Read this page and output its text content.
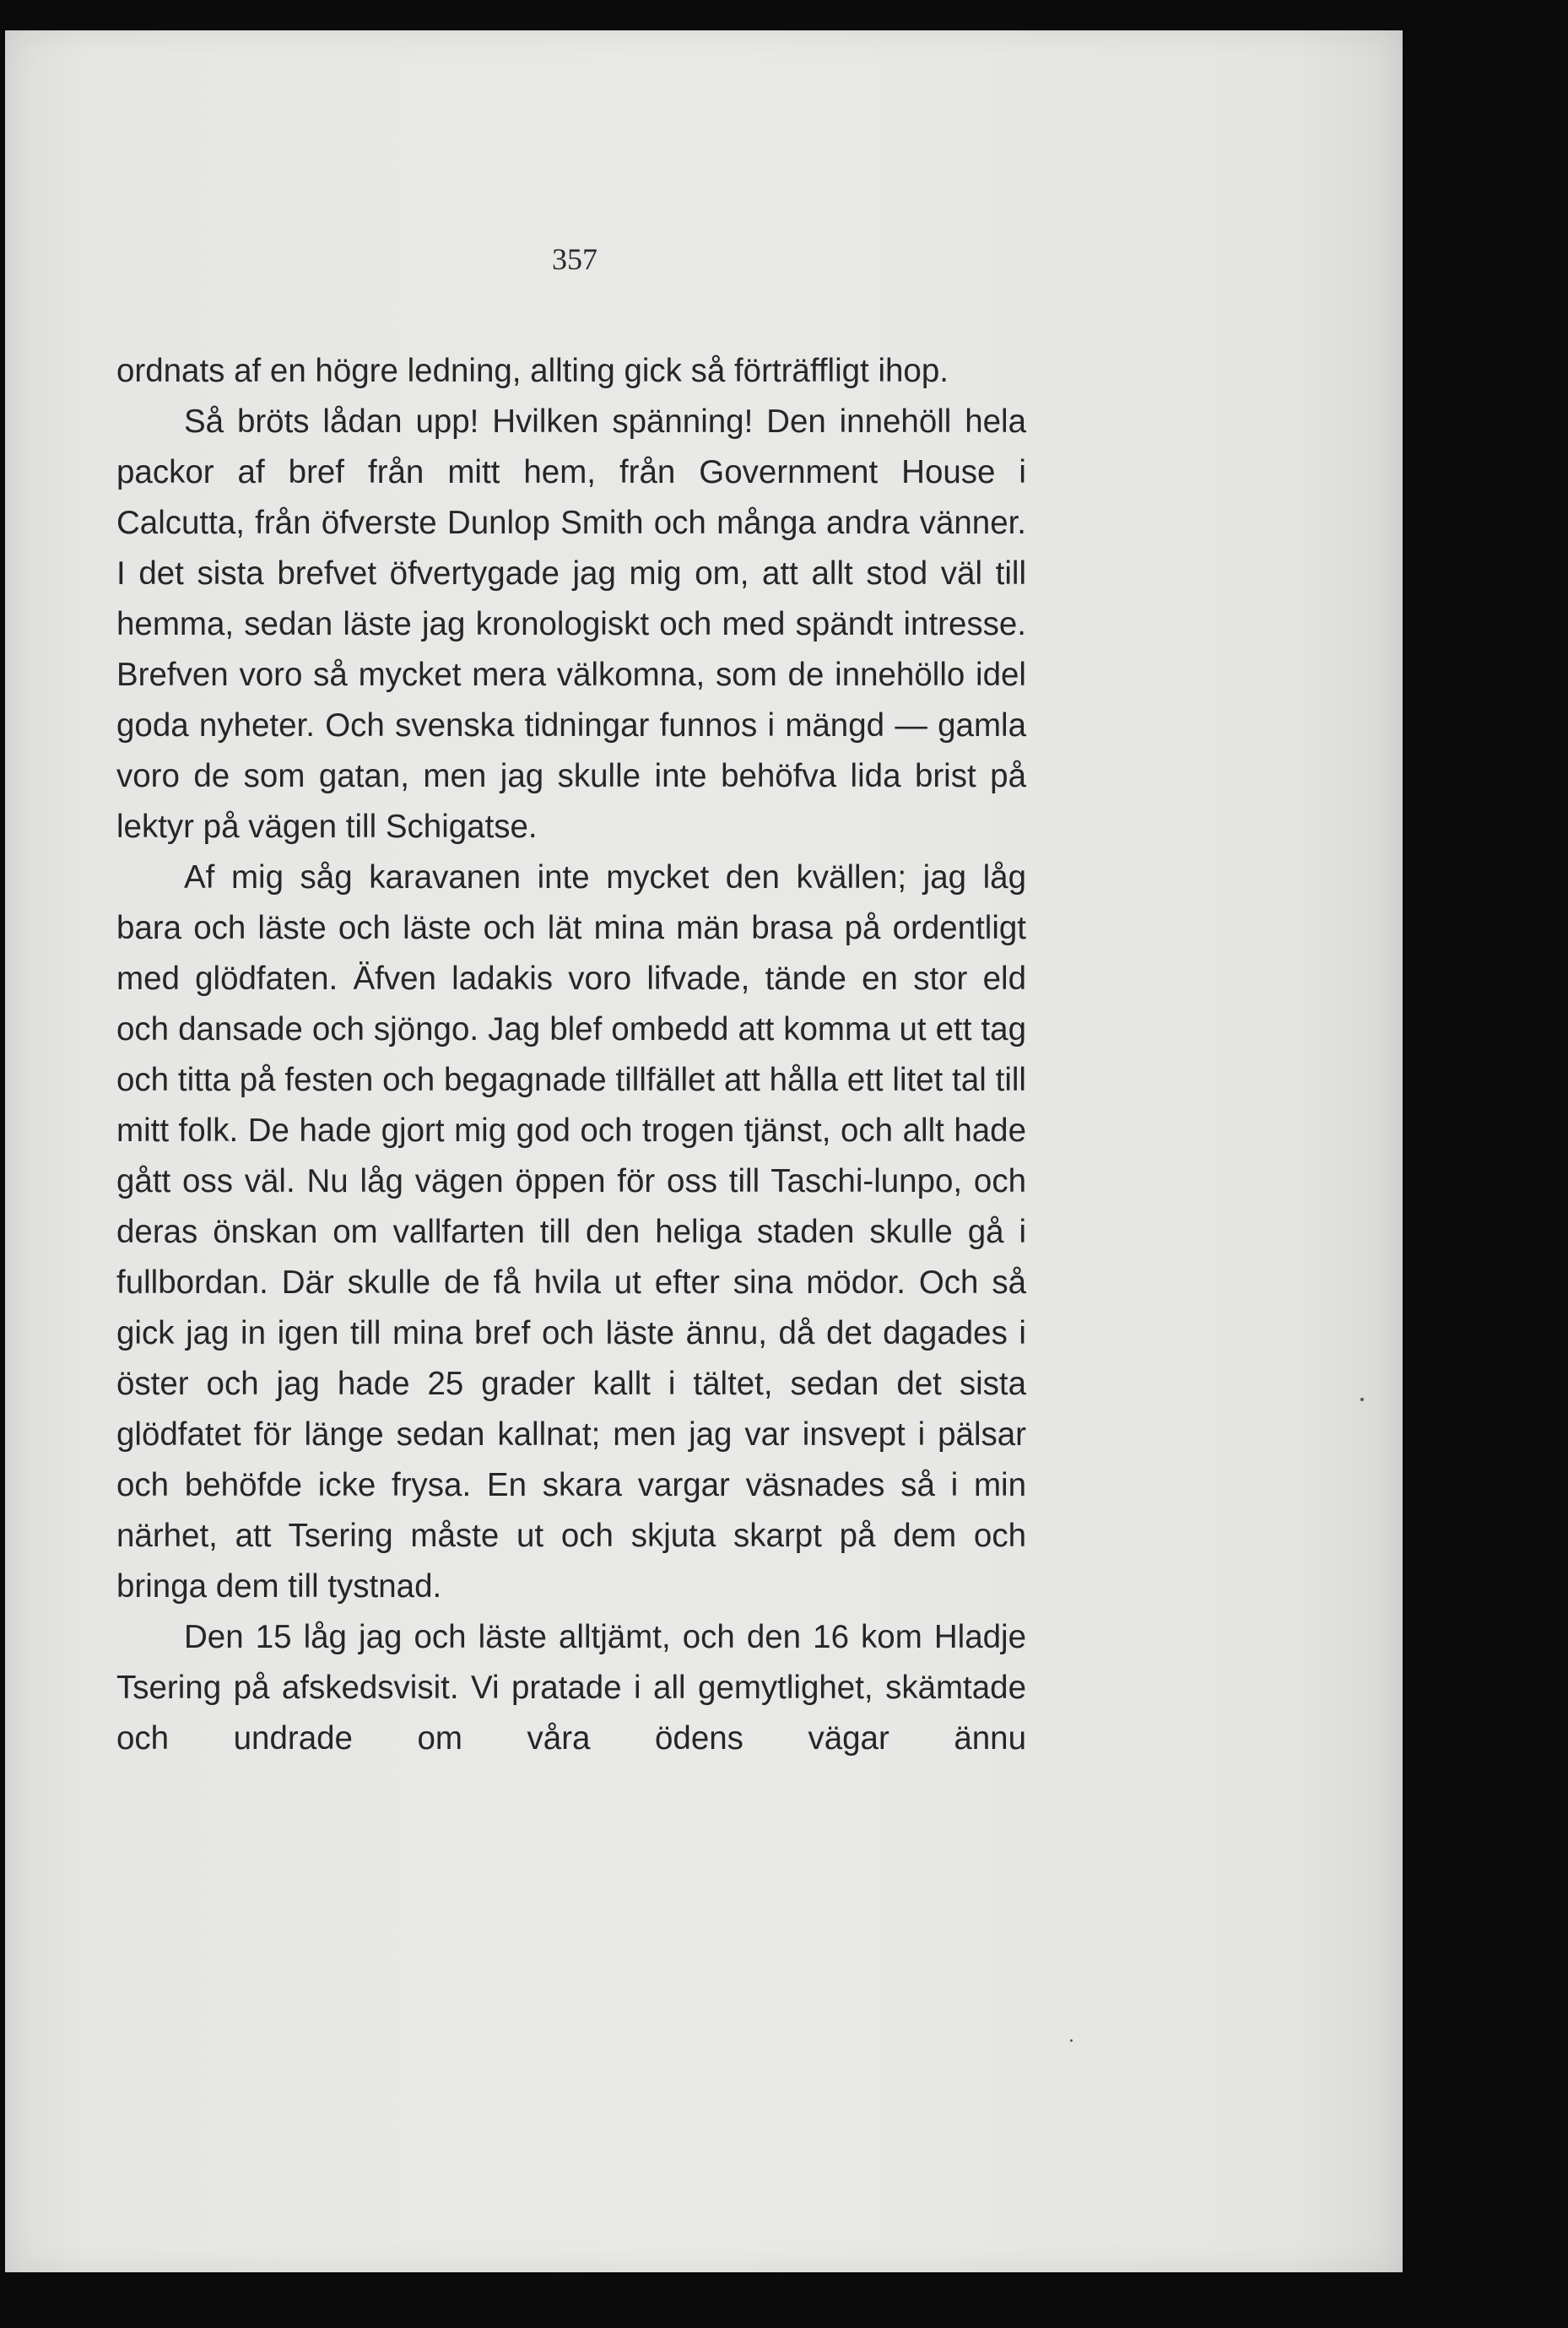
357

ordnats af en högre ledning, allting gick så förträffligt ihop.

Så bröts lådan upp! Hvilken spänning! Den innehöll hela packor af bref från mitt hem, från Government House i Calcutta, från öfverste Dunlop Smith och många andra vänner. I det sista brefvet öfvertygade jag mig om, att allt stod väl till hemma, sedan läste jag kronologiskt och med spändt intresse. Brefven voro så mycket mera välkomna, som de innehöllo idel goda nyheter. Och svenska tidningar funnos i mängd — gamla voro de som gatan, men jag skulle inte behöfva lida brist på lektyr på vägen till Schigatse.

Af mig såg karavanen inte mycket den kvällen; jag låg bara och läste och läste och lät mina män brasa på ordentligt med glödfaten. Äfven ladakis voro lifvade, tände en stor eld och dansade och sjöngo. Jag blef ombedd att komma ut ett tag och titta på festen och begagnade tillfället att hålla ett litet tal till mitt folk. De hade gjort mig god och trogen tjänst, och allt hade gått oss väl. Nu låg vägen öppen för oss till Taschi-lunpo, och deras önskan om vallfarten till den heliga staden skulle gå i fullbordan. Där skulle de få hvila ut efter sina mödor. Och så gick jag in igen till mina bref och läste ännu, då det dagades i öster och jag hade 25 grader kallt i tältet, sedan det sista glödfatet för länge sedan kallnat; men jag var insvept i pälsar och behöfde icke frysa. En skara vargar väsnades så i min närhet, att Tsering måste ut och skjuta skarpt på dem och bringa dem till tystnad.

Den 15 låg jag och läste alltjämt, och den 16 kom Hladje Tsering på afskedsvisit. Vi pratade i all gemytlighet, skämtade och undrade om våra ödens vägar ännu
